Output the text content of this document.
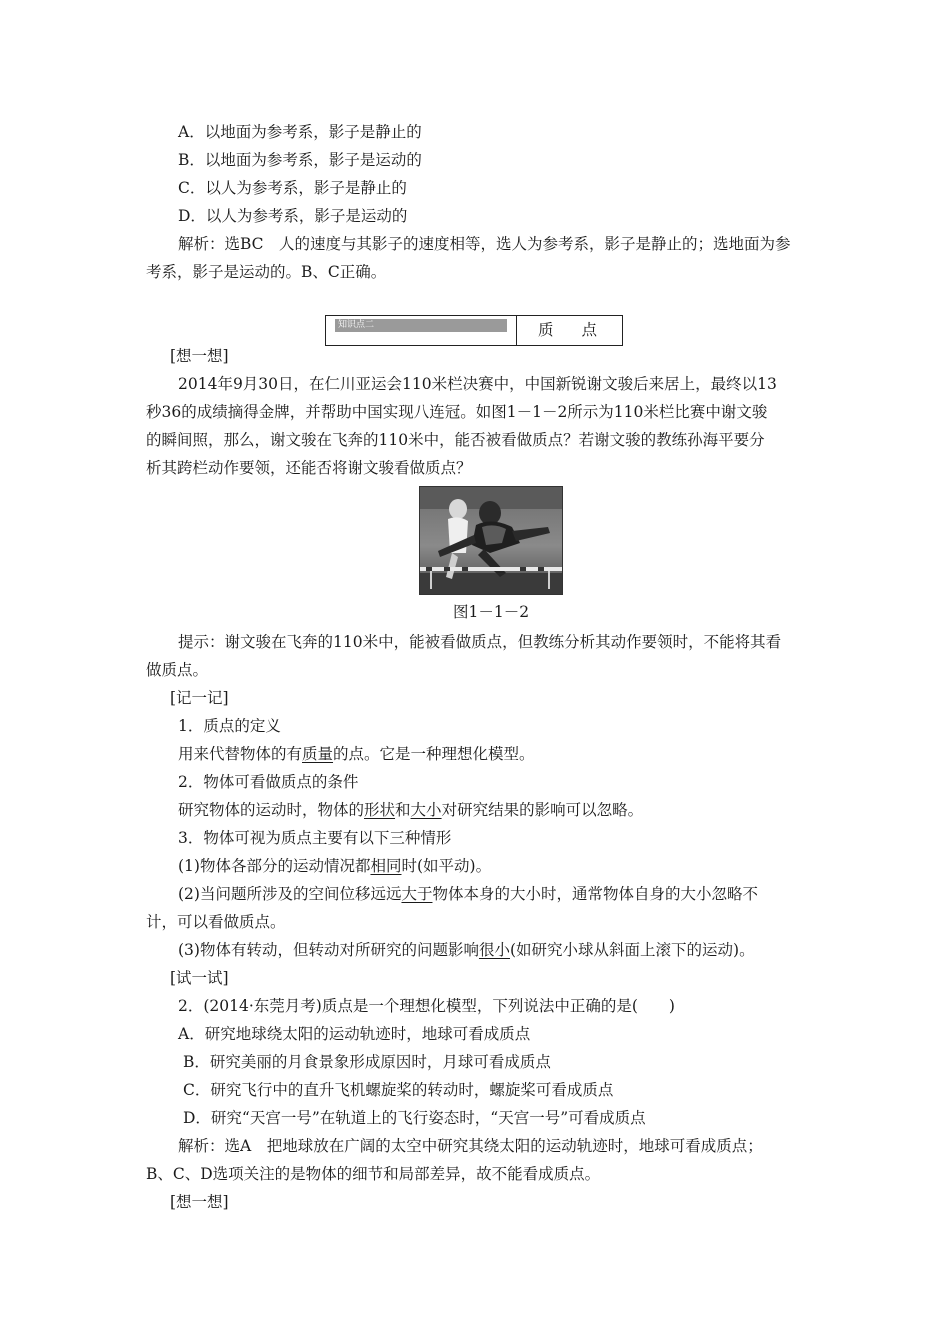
A．以地面为参考系，影子是静止的
B．以地面为参考系，影子是运动的
C．以人为参考系，影子是静止的
D．以人为参考系，影子是运动的
解析：选BC　人的速度与其影子的速度相等，选人为参考系，影子是静止的；选地面为参
考系，影子是运动的。B、C正确。
知识点二	质点
[想一想]
2014年9月30日，在仁川亚运会110米栏决赛中，中国新锐谢文骏后来居上，最终以13
秒36的成绩摘得金牌，并帮助中国实现八连冠。如图1－1－2所示为110米栏比赛中谢文骏
的瞬间照，那么，谢文骏在飞奔的110米中，能否被看做质点？若谢文骏的教练孙海平要分
析其跨栏动作要领，还能否将谢文骏看做质点？
图1－1－2
提示：谢文骏在飞奔的110米中，能被看做质点，但教练分析其动作要领时，不能将其看
做质点。
[记一记]
1．质点的定义
用来代替物体的有质量的点。它是一种理想化模型。
2．物体可看做质点的条件
研究物体的运动时，物体的形状和大小对研究结果的影响可以忽略。
3．物体可视为质点主要有以下三种情形
(1)物体各部分的运动情况都相同时(如平动)。
(2)当问题所涉及的空间位移远远大于物体本身的大小时，通常物体自身的大小忽略不
计，可以看做质点。
(3)物体有转动，但转动对所研究的问题影响很小(如研究小球从斜面上滚下的运动)。
[试一试]
2．(2014·东莞月考)质点是一个理想化模型，下列说法中正确的是(　　)
A．研究地球绕太阳的运动轨迹时，地球可看成质点
B．研究美丽的月食景象形成原因时，月球可看成质点
C．研究飞行中的直升飞机螺旋桨的转动时，螺旋桨可看成质点
D．研究“天宫一号”在轨道上的飞行姿态时，“天宫一号”可看成质点
解析：选A　把地球放在广阔的太空中研究其绕太阳的运动轨迹时，地球可看成质点；
B、C、D选项关注的是物体的细节和局部差异，故不能看成质点。
[想一想]
